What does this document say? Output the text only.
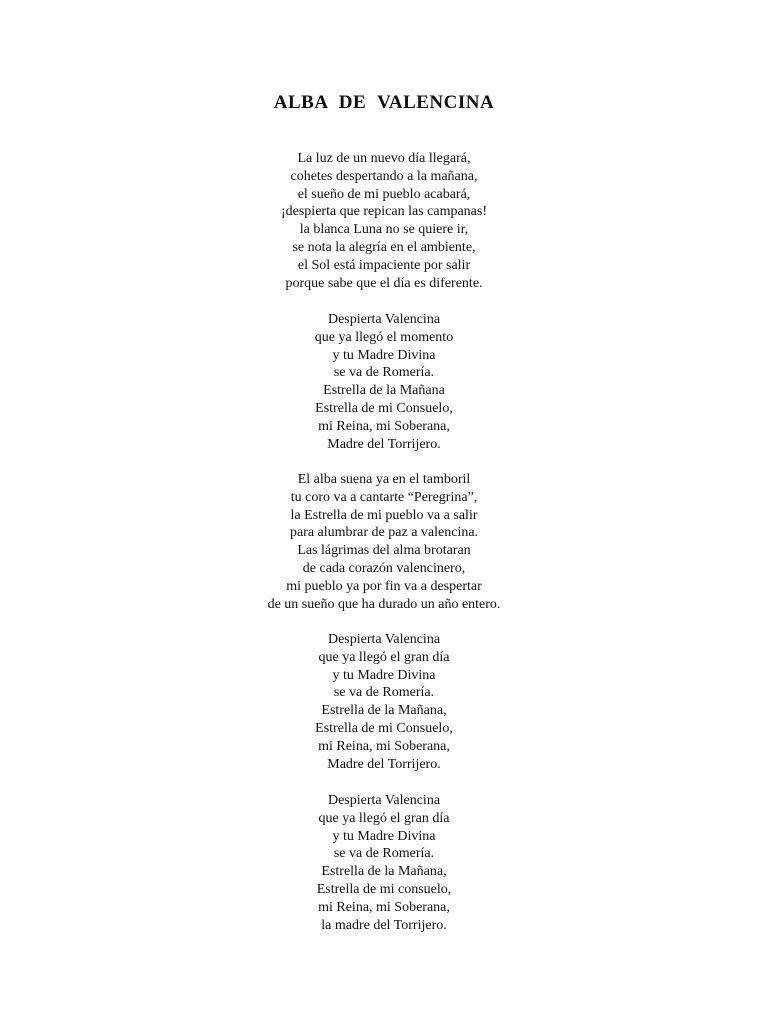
ALBA DE VALENCINA
La luz de un nuevo día llegará,
cohetes despertando a la mañana,
el sueño de mi pueblo acabará,
¡despierta que repican las campanas!
la blanca Luna no se quiere ir,
se nota la alegría en el ambiente,
el Sol está impaciente por salir
porque sabe que el día es diferente.
Despierta Valencina
que ya llegó el momento
y tu Madre Divina
se va de Romería.
Estrella de la Mañana
Estrella de mi Consuelo,
mi Reina, mi Soberana,
Madre del Torrijero.
El alba suena ya en el tamboril
tu coro va a cantarte “Peregrina”,
la Estrella de mi pueblo va a salir
para alumbrar de paz a valencina.
Las lágrimas del alma brotaran
de cada corazón valencinero,
mi pueblo ya por fin va a despertar
de un sueño que ha durado un año entero.
Despierta Valencina
que ya llegó el gran día
y tu Madre Divina
se va de Romería.
Estrella de la Mañana,
Estrella de mi Consuelo,
mi Reina, mi Soberana,
Madre del Torrijero.
Despierta Valencina
que ya llegó el gran día
y tu Madre Divina
se va de Romería.
Estrella de la Mañana,
Estrella de mi consuelo,
mi Reina, mi Soberana,
la madre del Torrijero.
